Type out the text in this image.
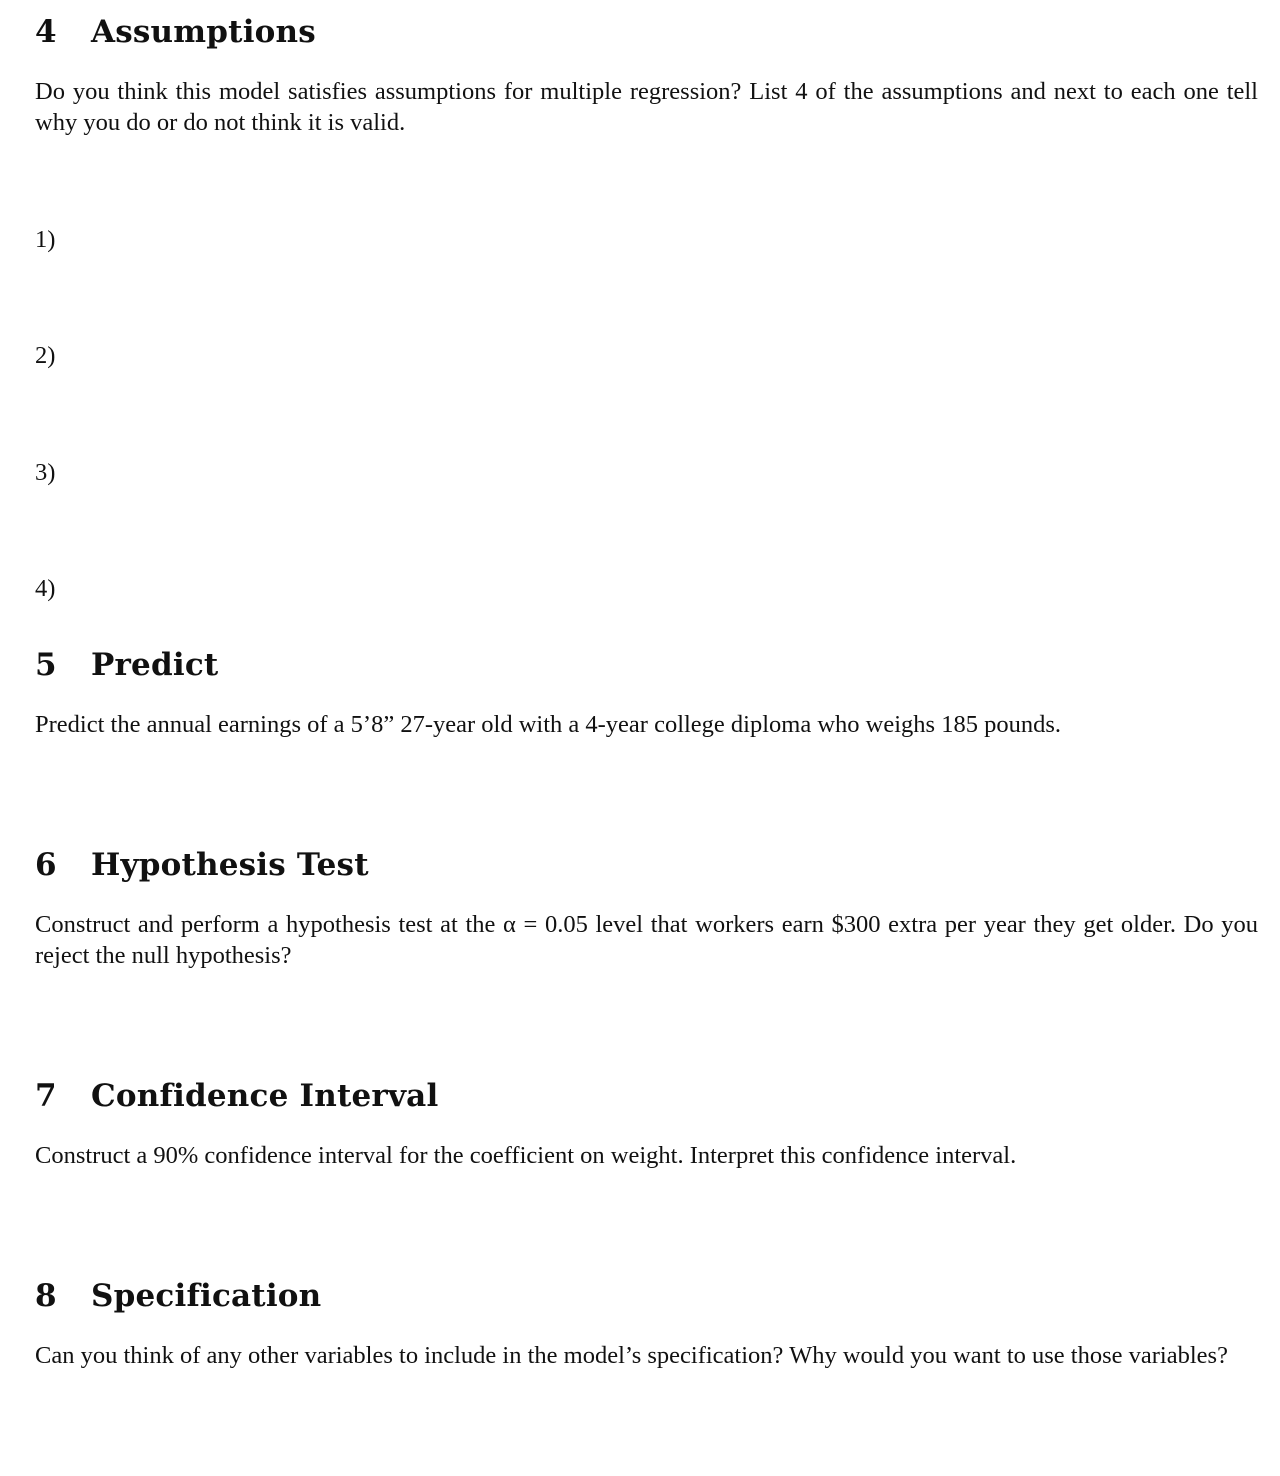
4 Assumptions
Do you think this model satisfies assumptions for multiple regression? List 4 of the assumptions and next to each one tell why you do or do not think it is valid.
1)
2)
3)
4)
5 Predict
Predict the annual earnings of a 5’8” 27-year old with a 4-year college diploma who weighs 185 pounds.
6 Hypothesis Test
Construct and perform a hypothesis test at the α = 0.05 level that workers earn $300 extra per year they get older. Do you reject the null hypothesis?
7 Confidence Interval
Construct a 90% confidence interval for the coefficient on weight. Interpret this confidence interval.
8 Specification
Can you think of any other variables to include in the model’s specification? Why would you want to use those variables?
